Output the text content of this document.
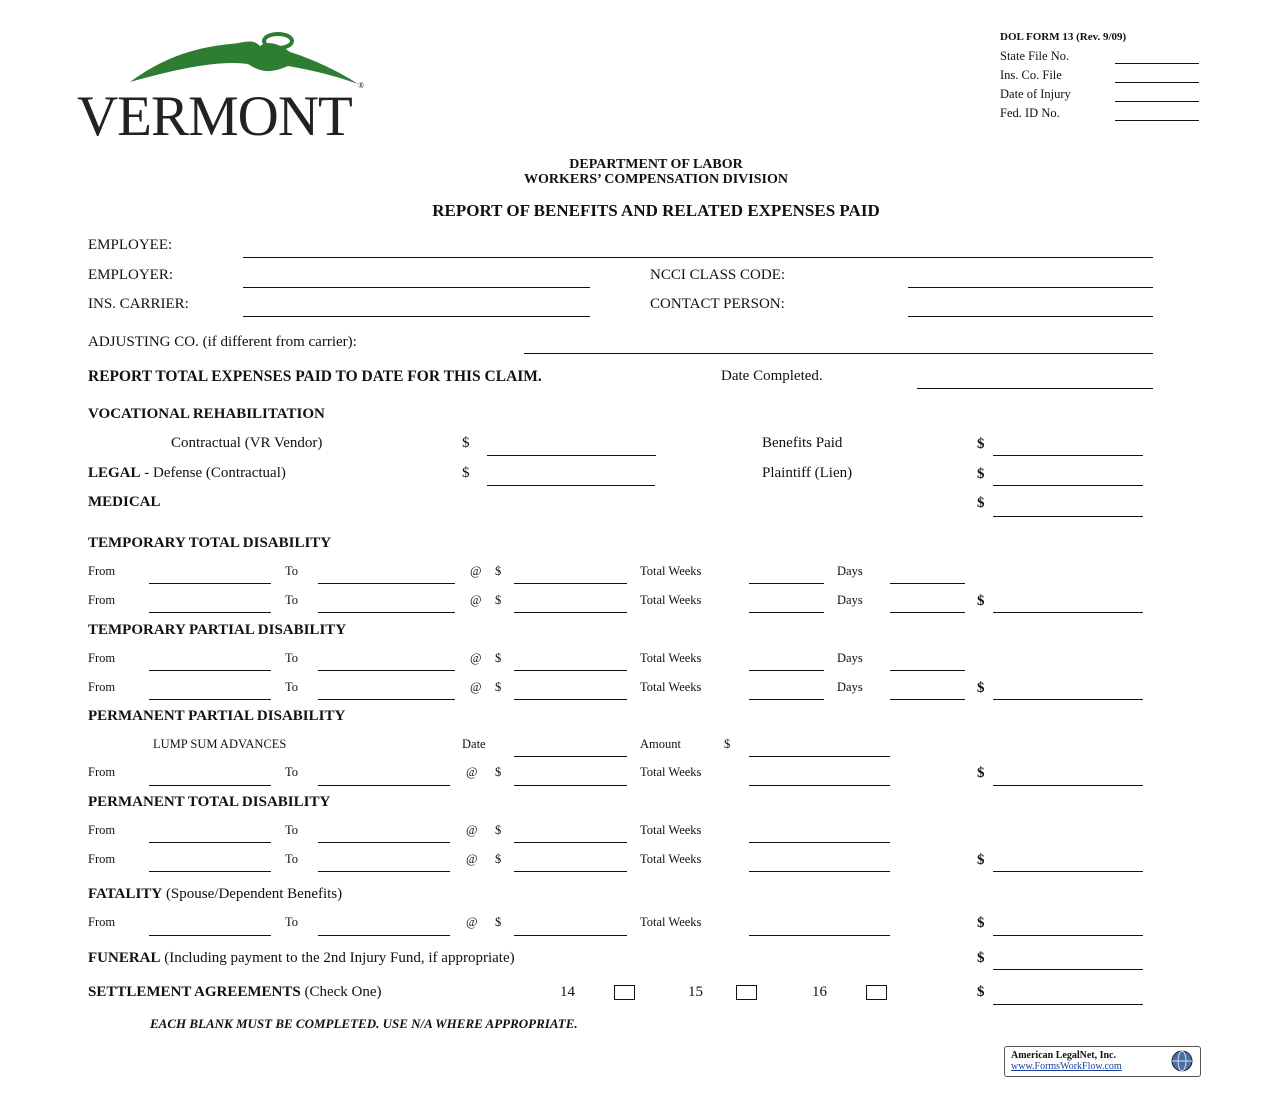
VERMONT ®
DOL FORM 13 (Rev. 9/09)
State File No.
Ins. Co. File
Date of Injury
Fed. ID No.
DEPARTMENT OF LABOR
WORKERS’ COMPENSATION DIVISION
REPORT OF BENEFITS AND RELATED EXPENSES PAID
EMPLOYEE:
EMPLOYER:	NCCI CLASS CODE:
INS. CARRIER:	CONTACT PERSON:
ADJUSTING CO. (if different from carrier):
REPORT TOTAL EXPENSES PAID TO DATE FOR THIS CLAIM.	Date Completed.
VOCATIONAL REHABILITATION
Contractual (VR Vendor)	$	Benefits Paid	$
LEGAL - Defense (Contractual)	$	Plaintiff (Lien)	$
MEDICAL	$
TEMPORARY TOTAL DISABILITY
From	To	@ $	Total Weeks	Days
From	To	@ $	Total Weeks	Days	$
TEMPORARY PARTIAL DISABILITY
From	To	@ $	Total Weeks	Days
From	To	@ $	Total Weeks	Days	$
PERMANENT PARTIAL DISABILITY
LUMP SUM ADVANCES	Date	Amount	$
From	To	@ $	Total Weeks	$
PERMANENT TOTAL DISABILITY
From	To	@ $	Total Weeks
From	To	@ $	Total Weeks	$
FATALITY (Spouse/Dependent Benefits)
From	To	@ $	Total Weeks	$
FUNERAL (Including payment to the 2nd Injury Fund, if appropriate)	$
SETTLEMENT AGREEMENTS (Check One)	14	15	16	$
EACH BLANK MUST BE COMPLETED. USE N/A WHERE APPROPRIATE.
American LegalNet, Inc.
www.FormsWorkFlow.com
